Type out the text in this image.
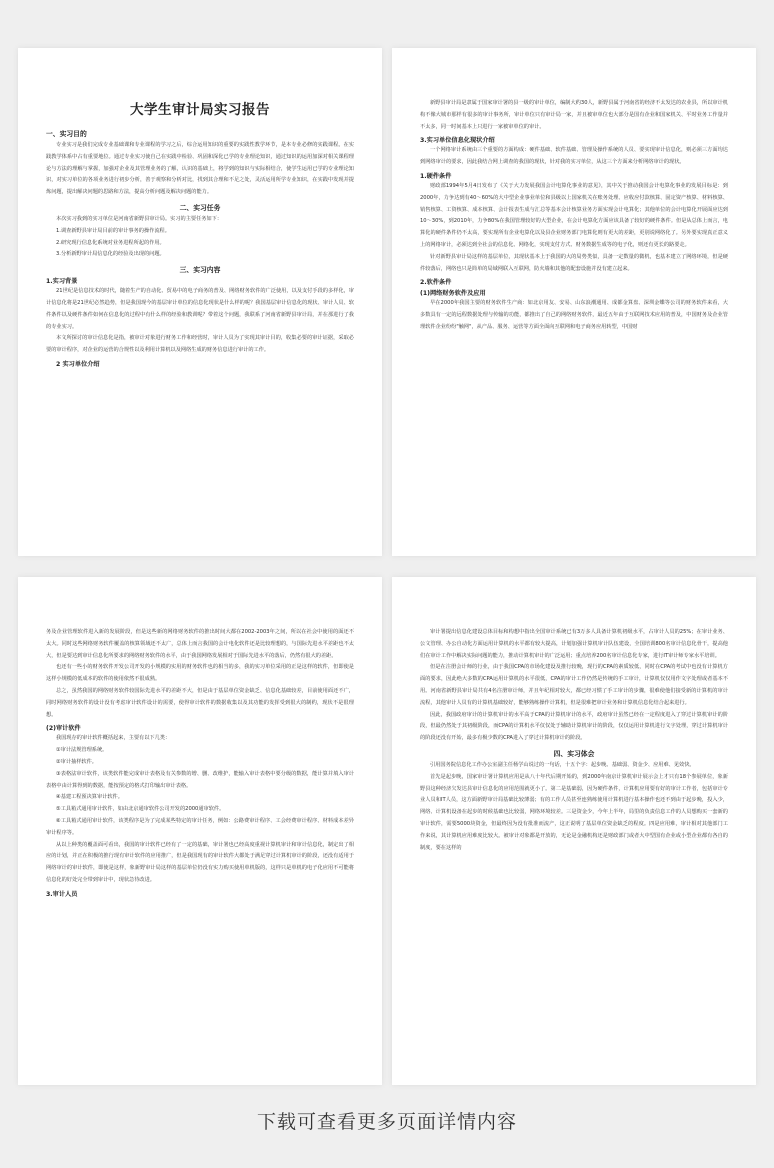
大学生审计局实习报告
一、实习目的

专业实习是我们完成专业基础课和专业课程的学习之后，综合运用知识的重要的实践性教学环节，是本专业必修的实践课程。在实践教学体系中占有重要地位。通过专业实习使自己在实践中检验、巩固和深化已学的专业理论知识，通过知识的运用加深对相关课程理论与方法的理解与掌握，加强对企业及其管理业务的了解，认识的基础上，将学到的知识与实际相结合，使学生运用已学的专业理论知识，对实习单位的各项业务进行初步分析，善于观察和分析对比，找到其合理和不足之处，灵活运用所学专业知识，在实践中发现并提炼问题，提出解决问题的思路和方法，提高分析问题及解决问题的能力。

二、实习任务

本次实习我到的实习单位是河南省新野县审计局。实习的主要任务如下：

1.调查新野县审计局目前的审计事务的操作流程。

2.研究现行信息化系统对业务进程所起的作用。

3.分析新野审计局信息化的经验及出现的问题。

三、实习内容
1.实习背景

21世纪是信息技术的时代，随着生产的自动化、贸易中的电子商务的普及、网络财务软件的广泛使用，以及支付手段的多样化，审计信息化将是21世纪必然趋势，但是我国现今的基层审计单位的信息化现状是什么样的呢？我国基层审计信息化的现状、审计人员、软件条件以及硬件条件如何在信息化的过程中有什么样的经验和教训呢？带着这个问题，我联系了河南省新野县审计局，并在那进行了我的专业实习。

本文所探讨的审计信息化是指，被审计对象进行财务工作和经营时，审计人员为了实现其审计目的，收集必要的审计证据，采取必要的审计程序，对企业的运营的合规性以及利用计算机以及网络生成的财务信息进行审计的工作。

2 实习单位介绍

新野县审计局是隶属于国家审计署的县一级的审计单位，编制大约30人，新野县属于河南省的经济不太发达的农业县，所以审计机构不像大城市那样有很多的审计事务所，审计单位只有审计局一家，并且被审单位也大部分是国有企业和国家机关、平时业务工作量并不太多，同一时间基本上只进行一家被审单位的审计。

3.实习单位信息化现状介绍

一个网络审计系统由三个重要的方面构成：硬件基础、软件基础、管理及操作系统的人员、要实现审计信息化，则必须三方面均达到网络审计的要求，因此我结合网上调查的我国的现状，针对我的实习单位，从这三个方面来分析网络审计的现状。

1.硬件条件

财政部1994年5月4日发布了《关于大力发展我国会计电算化事业的意见》，其中关于推动我国会计电算化事业的发展目标是：到2000年，力争达到有40～60%的大中型企业事业单位和县级以上国家机关在账务处理、应收应付款核算、固定资产核算、材料核算、销售核算、工资核算、成本核算、会计报表生成与汇总等基本会计核算业务方面实现会计电算化；其他单位的会计电算化开展面应达到10～30%，到2010年，力争80%在我国管理较好的大型企业，在会计电算化方面应该具备了较好的硬件条件。但是从总体上而言，电算化的硬件条件仍不太高，要实现所有企业电算化以及县企业财务部门电算化则有更大的差距，更别说网络化了。另外要实现真正意义上的网络审计，必须达到全社会的信息化、网络化，实现支付方式、财务数据生成等的电子化，则还有更长的路要走。

针对新野县审计局这样的基层单位，其现状基本上于我国的大的局势类似，具备一定数量的微机，也基本建立了网络环境，但是硬件较落后，网络也只是简单的局域网联入互联网，防火墙和其他的配套设施并没有建立起来。

2.软件条件
(1)网络财务软件及应用

早在2000年我国主要的财务软件生产商：如北京用友、安易、山东浪潮通用、成都金算盘、深圳金蝶等公司的财务软件来看，大多数具有一定的远程数据处理与传输的功能，都推出了自己的网络财务软件，最近五年由于互联网技术应用的普及，中国财务及企业管理软件企业纷纷"触网"，从产品、服务、运营等方面全面向互联网和电子商务应用转型，中国财

务及企业管理软件进入新的发展阶段，但是这些新的网络财务软件的推出时间大都在2002-2003年之间，所以在社会中使用的面还不太大。同时这些网络财务软件覆盖的核算领域还不太广，总体上而言我国的会计电化软件还是比较理想的，与国际先进水平差距也不太大，但是要达到审计信息化所要求的网络财务软件的水平，由于我国网络发展相对于国际先进水平的落后，仍然有很大的差距。

也还有一些小的财务软件开发公司开发的小规模的实用的财务软件也的相当的多，我的实习单位采用的正是这样的软件，但即使是这样小规模的低成本的软件的使用依然不很成熟。

总之，虽然我国的网络财务软件较国际先进水平的差距不大，但是由于基层单位资金缺乏、信息化基础较差，目前使用面还不广，同时网络财务软件的设计没有考虑审计软件设计的需要，使得审计软件的数据收集以及其功能的发挥受到很大的制约，现状不是很理想。

(2)审计软件

我国现存的审计软件概括起来，主要有以下几类：

①审计法规管理系统。

②审计抽样软件。

③表格法审计软件，该类软件能完成审计表格及有关参数的增、删、改维护，能输入审计表格中要分级的数据，能计算并填入审计表格中由计算得到的数据，能按预定的格式打印输出审计表格。

④基建工程预决算审计软件。

⑤工具箱式通用审计软件，如由北京通审软件公司开发的2000通审软件。

⑥工具箱式通用审计软件，该类程序是为了完成某些特定的审计任务，例如：公路费审计程序、工会经费审计程序、材料成本差异审计程序等。

从以上种类的覆盖面可看出，我国的审计软件已经有了一定的基础，审计署也已经高度重视计算机审计和审计信息化，制定出了相应的计划，并正在积极的推行现有审计软件的应用推广，但是我国现有的审计软件大都处于满足穿过计算机审计的阶段，还没有适用于网络审计的审计软件，即使是这样，象新野审计局这样的基层单位仍没有实力购买使用单机版的，这样只是单机的电子化应用不可能将信息化的好处完全带到审计中，现状急待改进。

3.审计人员

审计署提出信息化建设总体目标和构想中指出全国审计系统已有3万多人具备计算机初级水平，占审计人员的25%；在审计业务、公文管理、办公自动化方面运用计算机的水平都有较大提高，计划加强计算机审计队伍建设，全国培训800名审计信息化骨干，提高他们在审计工作中解决实际问题的能力，推动计算机审计的广泛运用；重点培养200名审计信息化专家，进行IT审计师专家水平培训。

但是在注册会计师的行业，由于我国CPA的市场化建设及推行较晚，现行的CPA的素质较低，同时在CPA的考试中也没有计算机方面的要求，因此绝大多数的CPA运用计算机的水平很低，CPA的审计工作仍然是传统的手工审计，计算机仅仅用作文字处理或者基本不用。河南省新野县审计局共有4名注册审计师，并且年纪相对较大，都已经习惯了手工审计的步骤，很难使他们接受新的计算机的审计流程，其他审计人员有的计算机基础较好，能够熟练操作计算机，但是很难把审计业务和计算机信息化结合起来进行。

因此，我国政府审计的计算机审计的水平高于CPA的计算机审计的水平，政府审计虽然已经在一定程度进入了穿过计算机审计的阶段，但最仍然处于其初级阶段，而CPA的计算机水平仅仅处于辅助计算机审计的阶段，仅仅运用计算机进行文字处理，穿过计算机审计的阶段还没有开始，最多有极少数的CPA进入了穿过计算机审计的阶段。

四、实习体会

引用国务院信息化工作办公室副主任杨学山说过的一句话，十五个字：起步晚、基础弱、资金少、应用难、见效快。

首先是起步晚，国家审计署计算机应用是从八十年代后期开始的，到2000年南京计算机审计展示会上才只有18个参展单位，象新野县这种经济欠发达县审计信息化的应用范围就更小了。第二是基础弱，因为硬件条件，计算机应用要有好的审计工作者，包括审计专业人员和IT人员，这方面新野审计局基础比较薄弱；有的工作人员甚至连熟练使用计算机进行基本操作也还不到由于起步晚，投入少，网络、计算机设备在起步的时候基础也比较弱，网络环境较差。三是资金少，今年上半年，局里的负责信息工作的人员想购买一套新的审计软件，需要5000块资金，但最终因为没有批准而流产，这正说明了基层单位资金缺乏的程度。四是应用难，审计相对其他部门工作来说，其计算机应用难度比较大。被审计对象都是开放的，无论是金融机构还是财政部门或者大中型国有企业或小型企业都有各自的制度，要在这样的

下载可查看更多页面详情内容
